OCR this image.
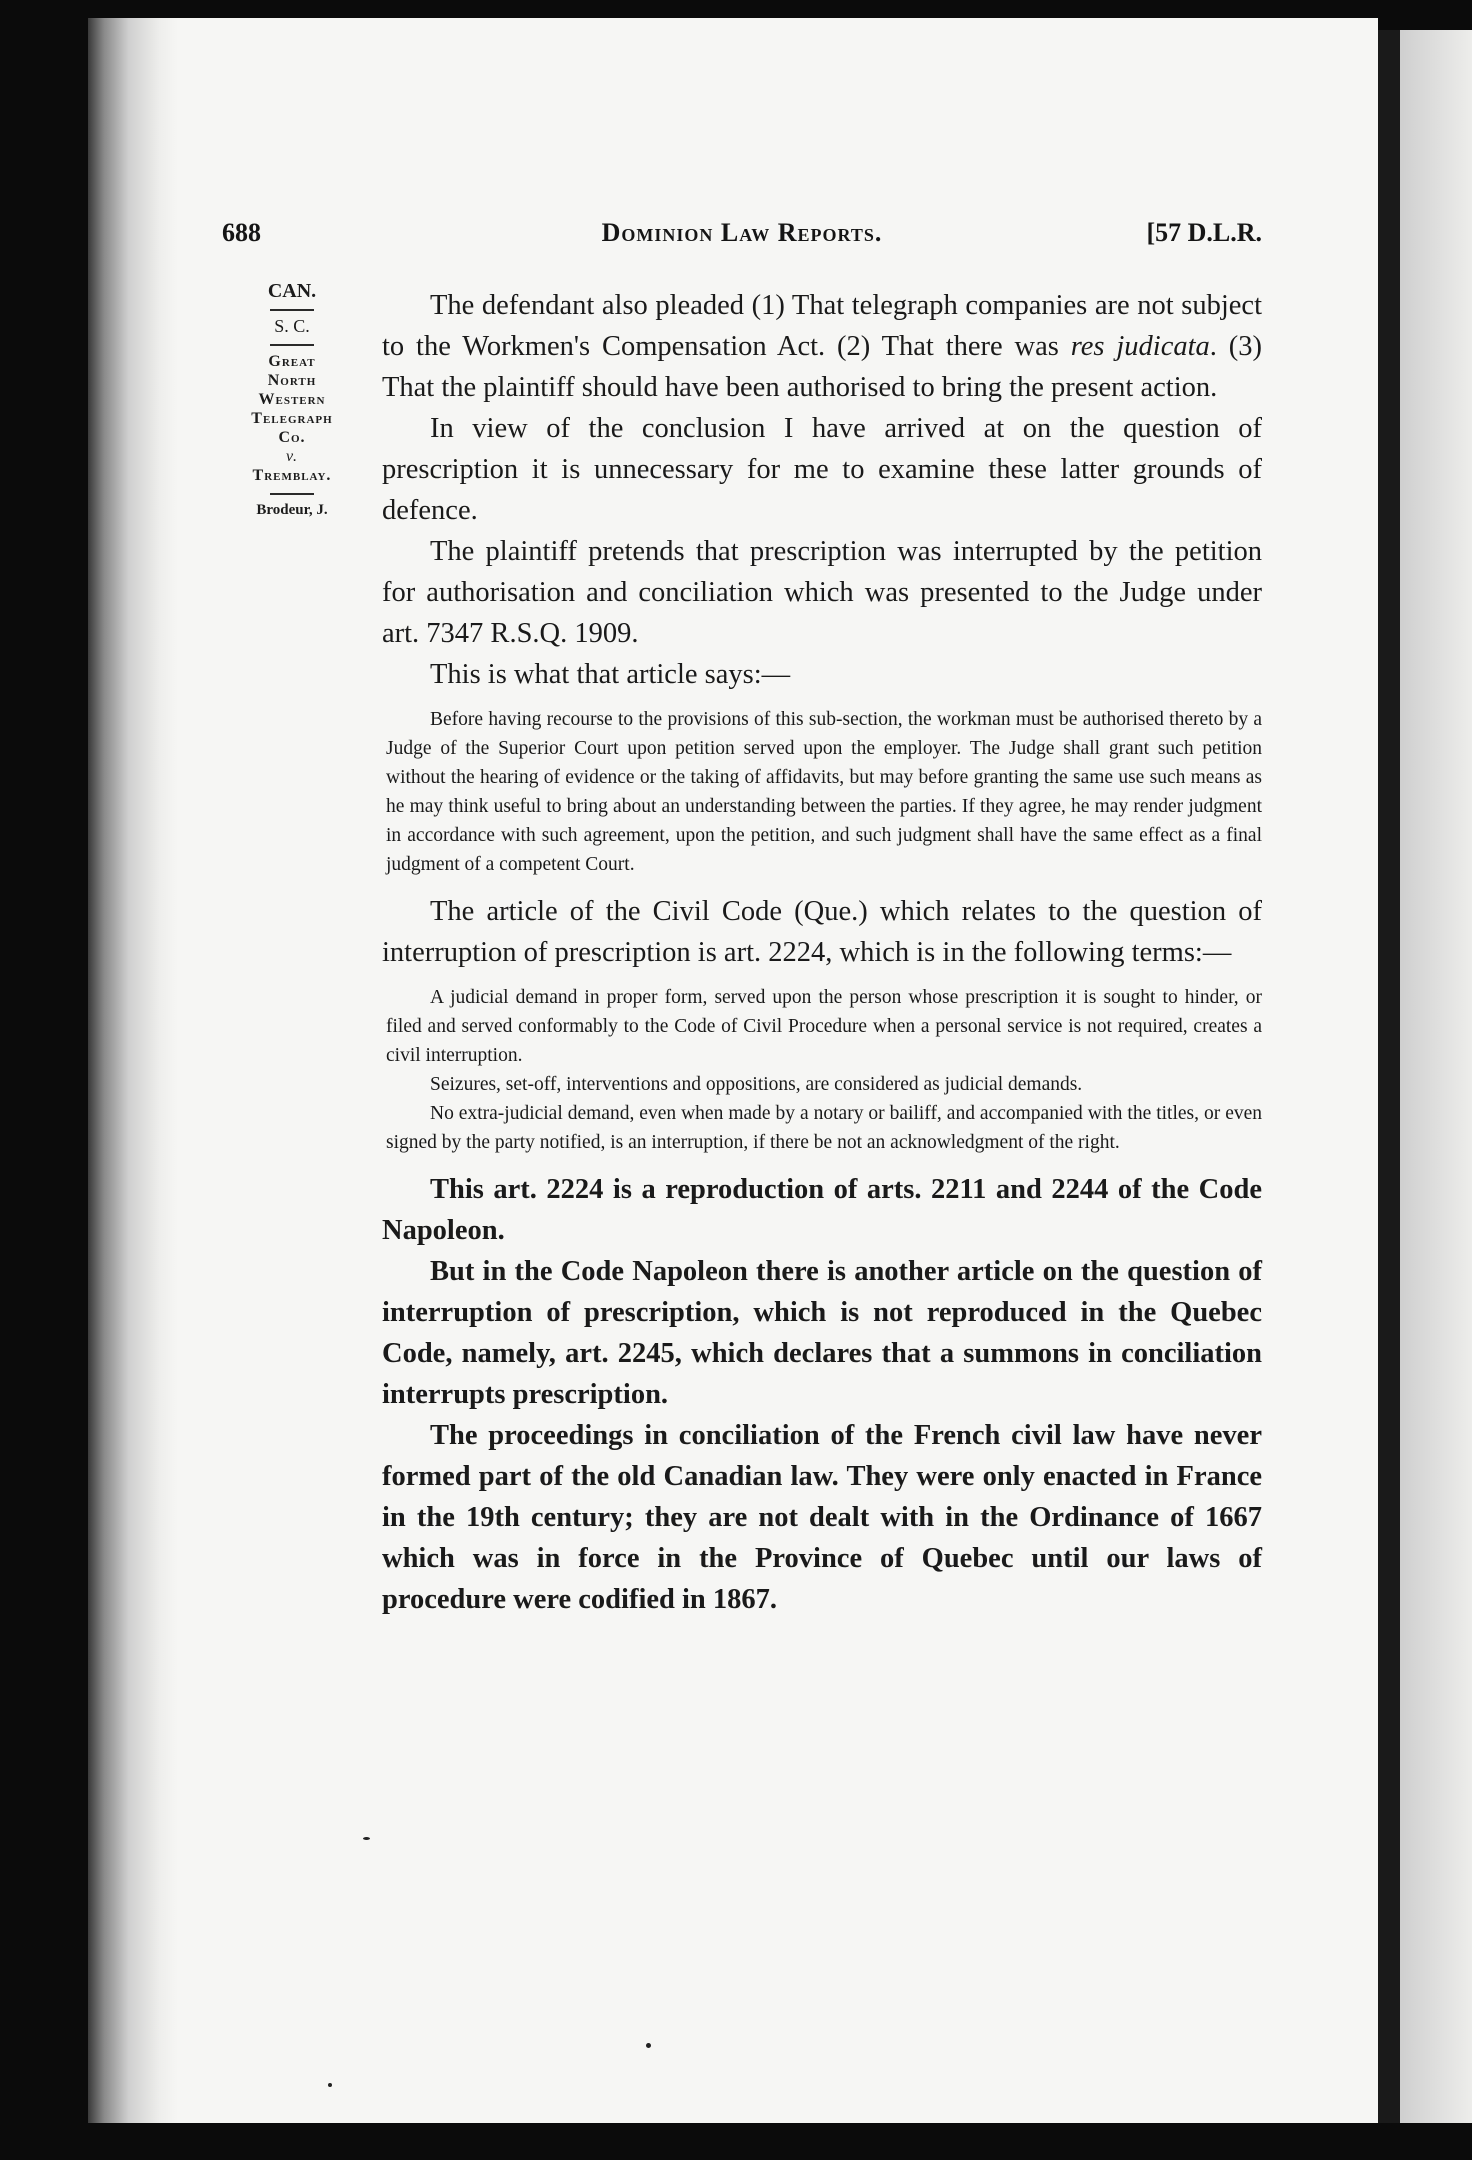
688	Dominion Law Reports.	[57 D.L.R.
CAN.
S. C.
Great
North
Western
Telegraph
Co.
v.
Tremblay.
Brodeur, J.

The defendant also pleaded (1) That telegraph companies are not subject to the Workmen's Compensation Act. (2) That there was res judicata. (3) That the plaintiff should have been authorised to bring the present action.

In view of the conclusion I have arrived at on the question of prescription it is unnecessary for me to examine these latter grounds of defence.

The plaintiff pretends that prescription was interrupted by the petition for authorisation and conciliation which was presented to the Judge under art. 7347 R.S.Q. 1909.

This is what that article says:—

Before having recourse to the provisions of this sub-section, the workman must be authorised thereto by a Judge of the Superior Court upon petition served upon the employer. The Judge shall grant such petition without the hearing of evidence or the taking of affidavits, but may before granting the same use such means as he may think useful to bring about an understanding between the parties. If they agree, he may render judgment in accordance with such agreement, upon the petition, and such judgment shall have the same effect as a final judgment of a competent Court.

The article of the Civil Code (Que.) which relates to the question of interruption of prescription is art. 2224, which is in the following terms:—

A judicial demand in proper form, served upon the person whose prescription it is sought to hinder, or filed and served conformably to the Code of Civil Procedure when a personal service is not required, creates a civil interruption.

Seizures, set-off, interventions and oppositions, are considered as judicial demands.

No extra-judicial demand, even when made by a notary or bailiff, and accompanied with the titles, or even signed by the party notified, is an interruption, if there be not an acknowledgment of the right.

This art. 2224 is a reproduction of arts. 2211 and 2244 of the Code Napoleon.

But in the Code Napoleon there is another article on the question of interruption of prescription, which is not reproduced in the Quebec Code, namely, art. 2245, which declares that a summons in conciliation interrupts prescription.

The proceedings in conciliation of the French civil law have never formed part of the old Canadian law. They were only enacted in France in the 19th century; they are not dealt with in the Ordinance of 1667 which was in force in the Province of Quebec until our laws of procedure were codified in 1867.
